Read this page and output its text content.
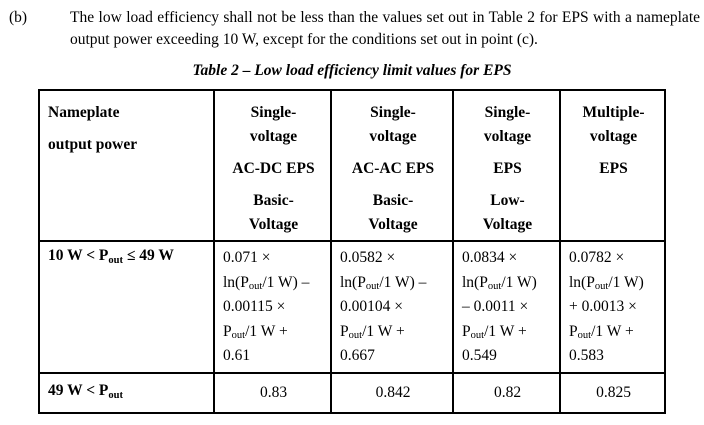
(b)	The low load efficiency shall not be less than the values set out in Table 2 for EPS with a nameplate output power exceeding 10 W, except for the conditions set out in point (c).
Table 2 – Low load efficiency limit values for EPS
Nameplate
output power

Single-
voltage
AC-DC EPS
Basic-
Voltage

Single-
voltage
AC-AC EPS
Basic-
Voltage

Single-
voltage
EPS
Low-
Voltage

Multiple-
voltage
EPS

10 $W < P_{out} \le 49$ W	0.071 ×
$\ln(P_{out}/1$ W) –
0.00115 ×
$P_{out}/1$ W +
0.61	0.0582 ×
$\ln(P_{out}/1$ W) –
0.00104 ×
$P_{out}/1$ W +
0.667	0.0834 ×
$\ln(P_{out}/1$ W)
– 0.0011 ×
$P_{out}/1$ W +
0.549	0.0782 ×
$\ln(P_{out}/1$ W)
+ 0.0013 ×
$P_{out}/1$ W +
0.583
49 $W < P_{out}$	0.83	0.842	0.82	0.825
